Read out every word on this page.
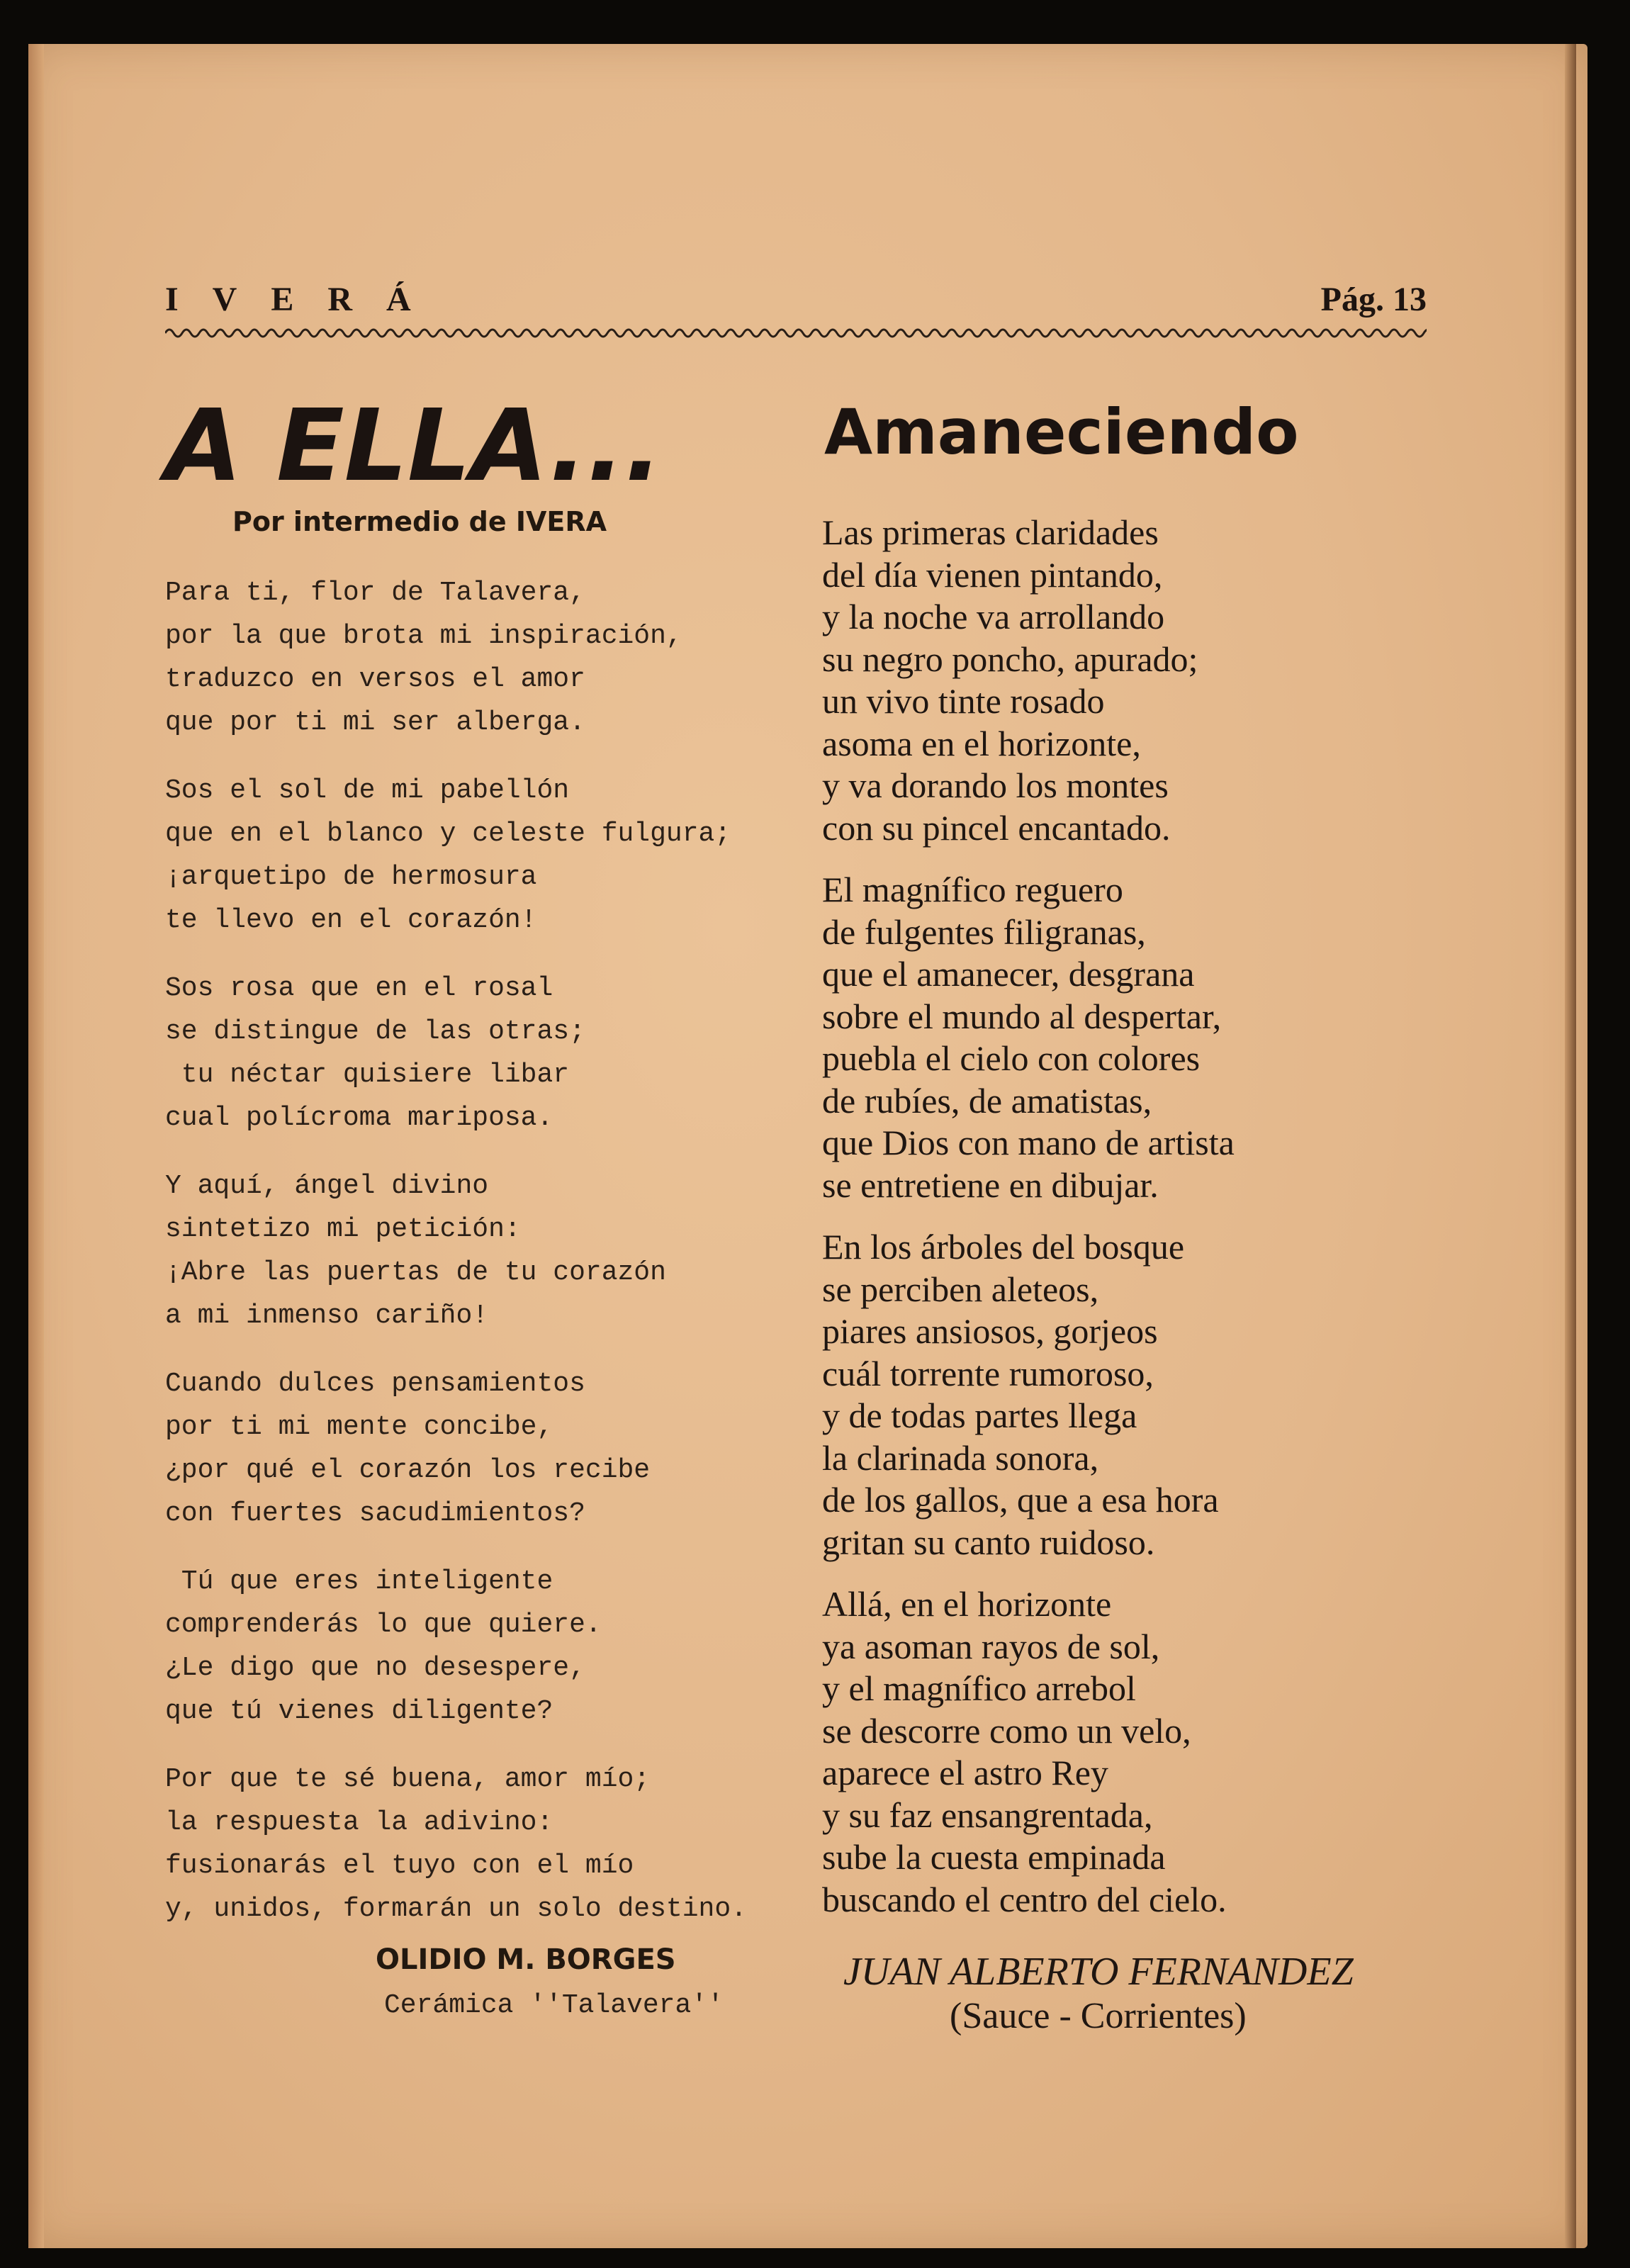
IVERÁ	Pág. 13
A ELLA...
Por intermedio de IVERA
Para ti, flor de Talavera,
por la que brota mi inspiración,
traduzco en versos el amor
que por ti mi ser alberga.
Sos el sol de mi pabellón
que en el blanco y celeste fulgura;
¡arquetipo de hermosura
te llevo en el corazón!
Sos rosa que en el rosal
se distingue de las otras;
tu néctar quisiere libar
cual polícroma mariposa.
Y aquí, ángel divino
sintetizo mi petición:
¡Abre las puertas de tu corazón
a mi inmenso cariño!
Cuando dulces pensamientos
por ti mi mente concibe,
¿por qué el corazón los recibe
con fuertes sacudimientos?
Tú que eres inteligente
comprenderás lo que quiere.
¿Le digo que no desespere,
que tú vienes diligente?
Por que te sé buena, amor mío;
la respuesta la adivino:
fusionarás el tuyo con el mío
y, unidos, formarán un solo destino.
Amaneciendo
Las primeras claridades
del día vienen pintando,
y la noche va arrollando
su negro poncho, apurado;
un vivo tinte rosado
asoma en el horizonte,
y va dorando los montes
con su pincel encantado.
El magnífico reguero
de fulgentes filigranas,
que el amanecer, desgrana
sobre el mundo al despertar,
puebla el cielo con colores
de rubíes, de amatistas,
que Dios con mano de artista
se entretiene en dibujar.
En los árboles del bosque
se perciben aleteos,
piares ansiosos, gorjeos
cuál torrente rumoroso,
y de todas partes llega
la clarinada sonora,
de los gallos, que a esa hora
gritan su canto ruidoso.
Allá, en el horizonte
ya asoman rayos de sol,
y el magnífico arrebol
se descorre como un velo,
aparece el astro Rey
y su faz ensangrentada,
sube la cuesta empinada
buscando el centro del cielo.
OLIDIO M. BORGES
Cerámica ''Talavera''
JUAN ALBERTO FERNANDEZ
(Sauce - Corrientes)
